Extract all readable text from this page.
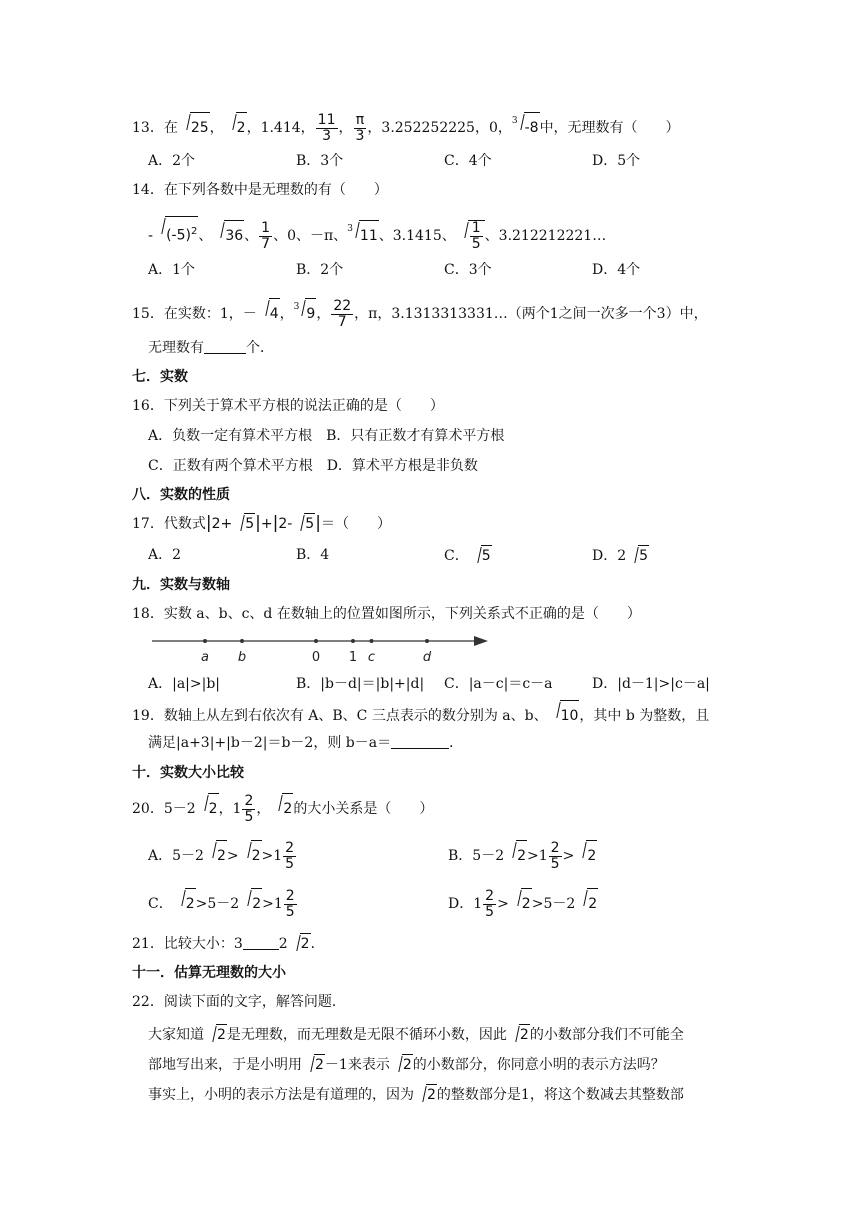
13．在 25， 2，1.414， $\frac{11}{3}$ ， $\frac{\pi}{3}$ ，3.252252225，0，$^3$ -8中，无理数有（　　）
A．2个	B．3个	C．4个	D．5个
14．在下列各数中是无理数的有（　　）
- $(-5)^2$、 36、 $\frac{1}{7}$ 、0、－π、$^3$ 11、3.1415、 $\frac{1}{5}$ 、3.212212221…
A．1个	B．2个	C．3个	D．4个
15．在实数：1，－ 4，$^3$ 9， $\frac{22}{7}$ ，π，3.1313313331…（两个1之间一次多一个3）中，
无理数有	个．
七．实数
16．下列关于算术平方根的说法正确的是（　　）
A．负数一定有算术平方根　B．只有正数才有算术平方根
C．正数有两个算术平方根　D．算术平方根是非负数
八．实数的性质
17．代数式|2+ 5|+|2- 5|＝（　　）
A．2	B．4	C． 5	D．2 5
九．实数与数轴
18．实数 a、b、c、d 在数轴上的位置如图所示，下列关系式不正确的是（　　）
a b	0 1 c	d
A．|a|>|b|	B．|b－d|＝|b|+|d| C．|a－c|＝c－a	D．|d－1|>|c－a|
19．数轴上从左到右依次有 A、B、C 三点表示的数分别为 a、b、 10，其中 b 为整数，且
满足|a+3|+|b－2|＝b－2，则 b－a＝	．
十．实数大小比较
20．5－2 2，$1 \frac{2}{5}$ ， 2的大小关系是（　　）
A．5－2 $2> 2>1 \frac{2}{5}$	B．5－2 $2>1 \frac{2}{5} > 2$
C． 2>5－2 $2>1 \frac{2}{5}$	D．$1 \frac{2}{5} > 2>5-2$ 2
21．比较大小：3	2 2．
十一．估算无理数的大小
22．阅读下面的文字，解答问题．
大家知道 2是无理数，而无理数是无限不循环小数，因此 2的小数部分我们不可能全
部地写出来，于是小明用 2－1来表示 2的小数部分，你同意小明的表示方法吗？
事实上，小明的表示方法是有道理的，因为 2的整数部分是1，将这个数减去其整数部
